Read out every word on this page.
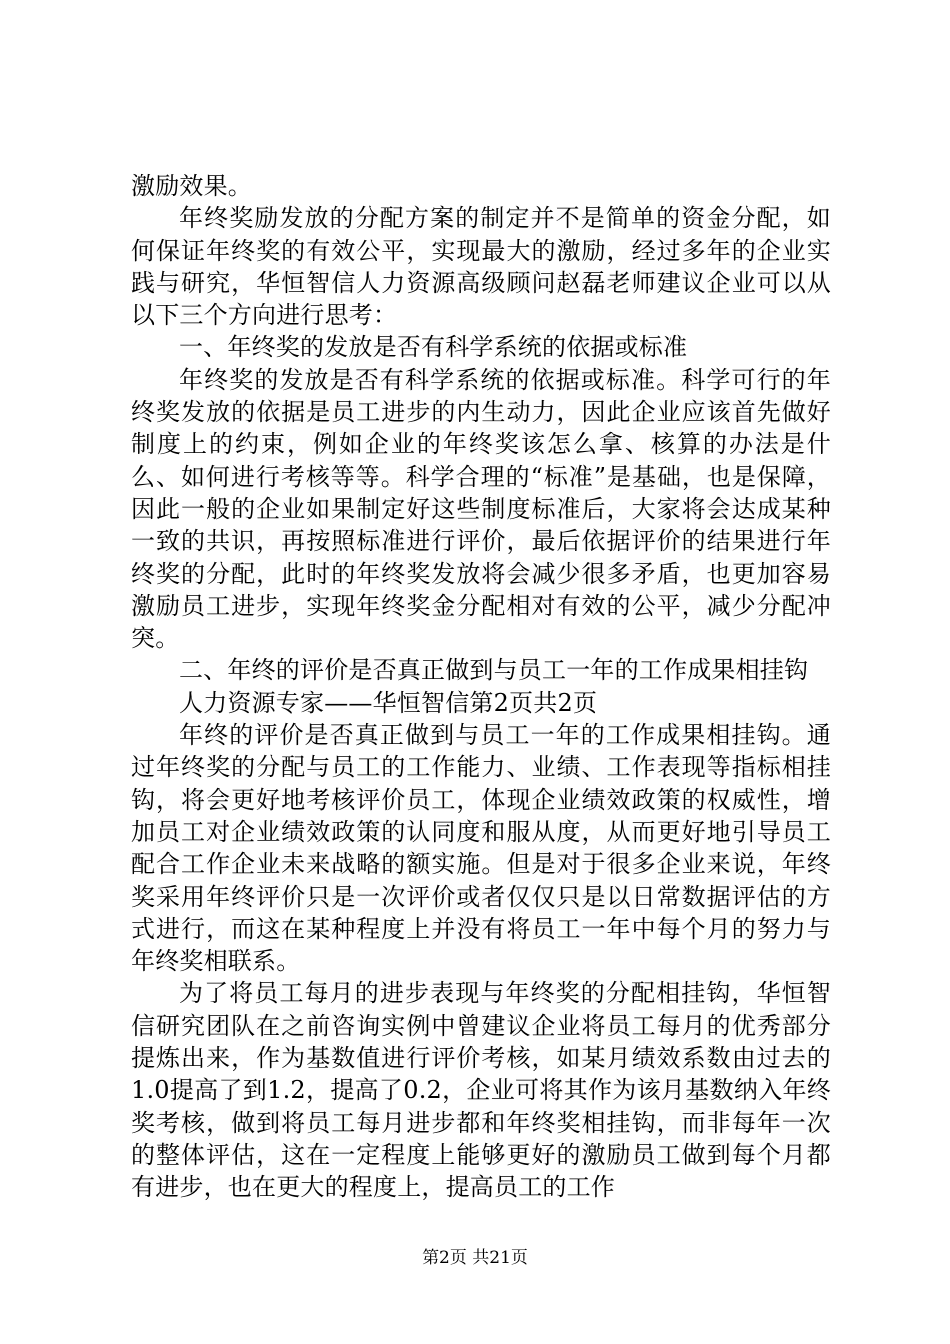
激励效果。

年终奖励发放的分配方案的制定并不是简单的资金分配，如何保证年终奖的有效公平，实现最大的激励，经过多年的企业实践与研究，华恒智信人力资源高级顾问赵磊老师建议企业可以从以下三个方向进行思考：

一、年终奖的发放是否有科学系统的依据或标准

年终奖的发放是否有科学系统的依据或标准。科学可行的年终奖发放的依据是员工进步的内生动力，因此企业应该首先做好制度上的约束，例如企业的年终奖该怎么拿、核算的办法是什么、如何进行考核等等。科学合理的“标准”是基础，也是保障，因此一般的企业如果制定好这些制度标准后，大家将会达成某种一致的共识，再按照标准进行评价，最后依据评价的结果进行年终奖的分配，此时的年终奖发放将会减少很多矛盾，也更加容易激励员工进步，实现年终奖金分配相对有效的公平，减少分配冲突。

二、年终的评价是否真正做到与员工一年的工作成果相挂钩

人力资源专家——华恒智信第2页共2页

年终的评价是否真正做到与员工一年的工作成果相挂钩。通过年终奖的分配与员工的工作能力、业绩、工作表现等指标相挂钩，将会更好地考核评价员工，体现企业绩效政策的权威性，增加员工对企业绩效政策的认同度和服从度，从而更好地引导员工配合工作企业未来战略的额实施。但是对于很多企业来说，年终奖采用年终评价只是一次评价或者仅仅只是以日常数据评估的方式进行，而这在某种程度上并没有将员工一年中每个月的努力与年终奖相联系。

为了将员工每月的进步表现与年终奖的分配相挂钩，华恒智信研究团队在之前咨询实例中曾建议企业将员工每月的优秀部分提炼出来，作为基数值进行评价考核，如某月绩效系数由过去的1.0提高了到1.2，提高了0.2，企业可将其作为该月基数纳入年终奖考核，做到将员工每月进步都和年终奖相挂钩，而非每年一次的整体评估，这在一定程度上能够更好的激励员工做到每个月都有进步，也在更大的程度上，提高员工的工作

第2页 共21页
